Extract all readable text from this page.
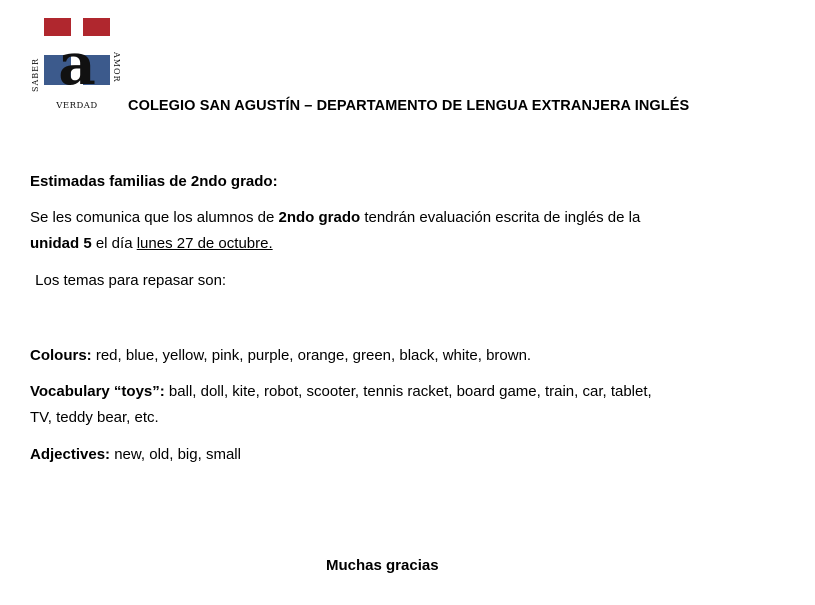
a
SABER	AMOR
VERDAD COLEGIO SAN AGUSTÍN – DEPARTAMENTO DE LENGUA EXTRANJERA INGLÉS
Estimadas familias de 2ndo grado:
Se les comunica que los alumnos de 2ndo grado tendrán evaluación escrita de inglés de la
unidad 5 el día lunes 27 de octubre.
Los temas para repasar son:
Colours: red, blue, yellow, pink, purple, orange, green, black, white, brown.
Vocabulary “toys”: ball, doll, kite, robot, scooter, tennis racket, board game, train, car, tablet,
TV, teddy bear, etc.
Adjectives: new, old, big, small
Muchas gracias
